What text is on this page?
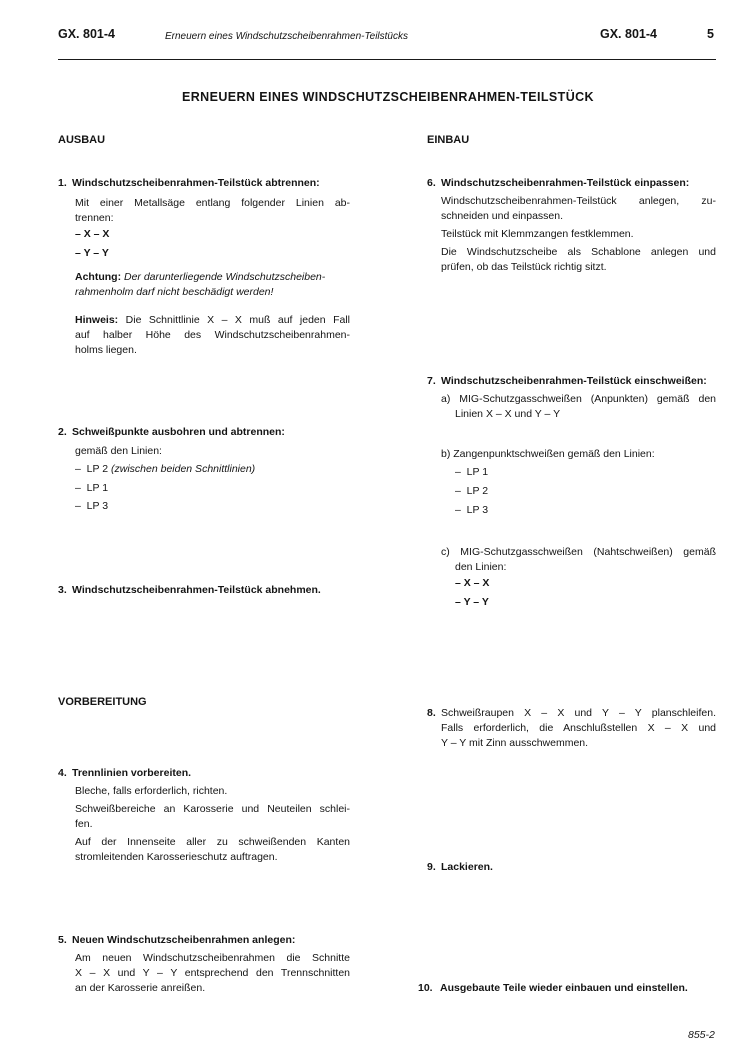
GX. 801-4	Erneuern eines Windschutzscheibenrahmen-Teilstücks	GX. 801-4	5
ERNEUERN EINES WINDSCHUTZSCHEIBENRAHMEN-TEILSTÜCK
AUSBAU
1. Windschutzscheibenrahmen-Teilstück abtrennen:

Mit einer Metallsäge entlang folgender Linien ab-

trennen:

– X – X
– Y – Y

Achtung: Der darunterliegende Windschutzscheiben-

rahmenholm darf nicht beschädigt werden!

Hinweis: Die Schnittlinie X – X muß auf jeden Fall

auf halber Höhe des Windschutzscheibenrahmen-

holms liegen.

2. Schweißpunkte ausbohren und abtrennen:
gemäß den Linien:
–  LP 2 (zwischen beiden Schnittlinien)
–  LP 1
–  LP 3
3. Windschutzscheibenrahmen-Teilstück abnehmen.
VORBEREITUNG
4. Trennlinien vorbereiten.

Bleche, falls erforderlich, richten.

Schweißbereiche an Karosserie und Neuteilen schlei-

fen.

Auf der Innenseite aller zu schweißenden Kanten

stromleitenden Karosserieschutz auftragen.

5. Neuen Windschutzscheibenrahmen anlegen:

Am neuen Windschutzscheibenrahmen die Schnitte

X – X und Y – Y entsprechend den Trennschnitten

an der Karosserie anreißen.

EINBAU
6. Windschutzscheibenrahmen-Teilstück einpassen:

Windschutzscheibenrahmen-Teilstück anlegen, zu-

schneiden und einpassen.

Teilstück mit Klemmzangen festklemmen.

Die Windschutzscheibe als Schablone anlegen und

prüfen, ob das Teilstück richtig sitzt.

7. Windschutzscheibenrahmen-Teilstück einschweißen:

a) MIG-Schutzgasschweißen (Anpunkten) gemäß den

Linien X – X und Y – Y

b) Zangenpunktschweißen gemäß den Linien:
–  LP 1
–  LP 2
–  LP 3

c) MIG-Schutzgasschweißen (Nahtschweißen) gemäß

den Linien:

– X – X
– Y – Y

8. Schweißraupen X – X und Y – Y planschleifen.

Falls erforderlich, die Anschlußstellen X – X und

Y – Y mit Zinn ausschwemmen.

9. Lackieren.
10. Ausgebaute Teile wieder einbauen und einstellen.
855-2
